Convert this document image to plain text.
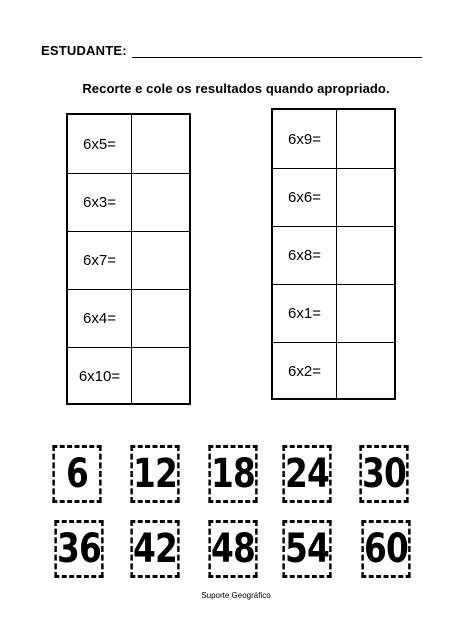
ESTUDANTE:
Recorte e cole os resultados quando apropriado.
6x5=
6x3=
6x7=
6x4=
6x10=
6x9=
6x6=
6x8=
6x1=
6x2=
6	12 18 24 30
36 42 48 54 60
Suporte Geográfico
